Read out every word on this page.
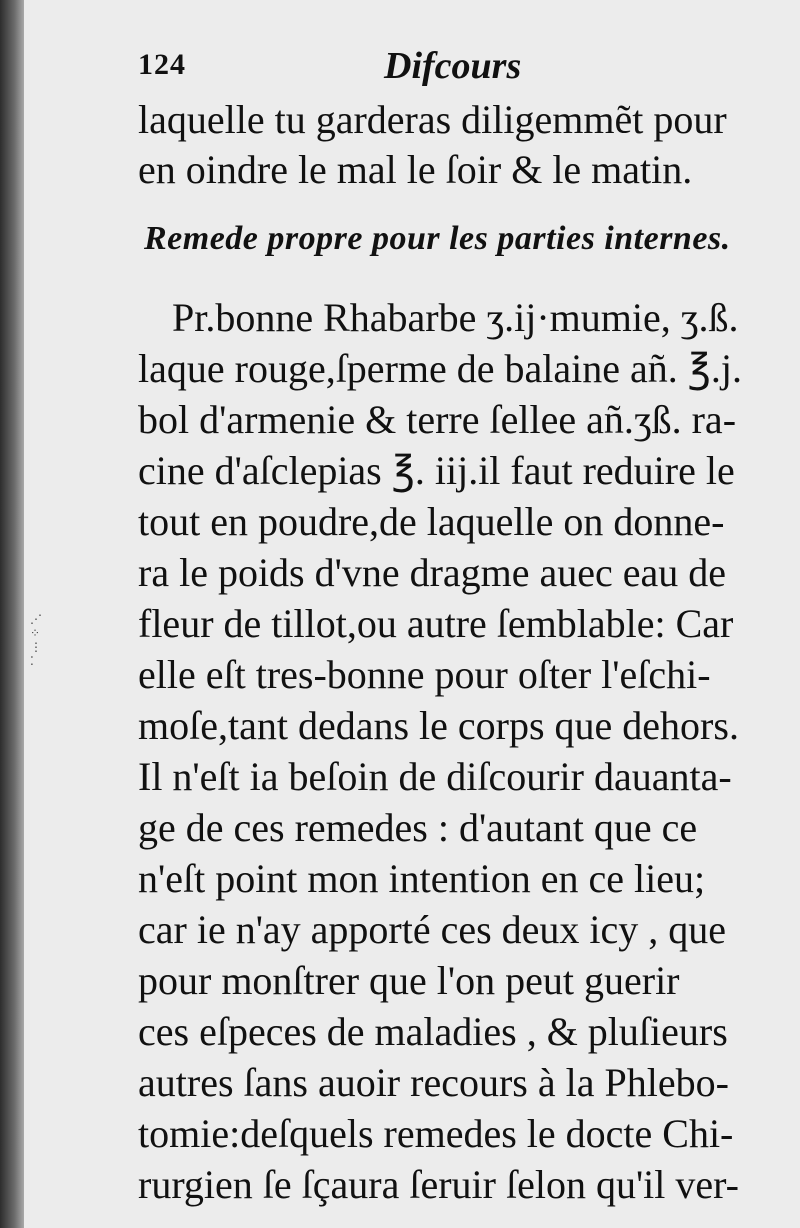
⋰
⁘
⋮
⁚
124	Difcours
laquelle tu garderas diligemmẽt pour
en oindre le mal le ſoir & le matin.
Remede propre pour les parties internes.
Pr.bonne Rhabarbe ʒ.ij·mumie, ʒ.ß.
laque rouge,ſperme de balaine añ. ℥.j.
bol d'armenie & terre ſellee añ.ʒß. ra-
cine d'aſclepias ℥. iij.il faut reduire le
tout en poudre,de laquelle on donne-
ra le poids d'vne dragme auec eau de
fleur de tillot,ou autre ſemblable: Car
elle eſt tres-bonne pour oſter l'eſchi-
moſe,tant dedans le corps que dehors.
Il n'eſt ia beſoin de diſcourir dauanta-
ge de ces remedes : d'autant que ce
n'eſt point mon intention en ce lieu;
car ie n'ay apporté ces deux icy , que
pour monſtrer que l'on peut guerir
ces eſpeces de maladies , & pluſieurs
autres ſans auoir recours à la Phlebo-
tomie:deſquels remedes le docte Chi-
rurgien ſe ſçaura ſeruir ſelon qu'il ver-
